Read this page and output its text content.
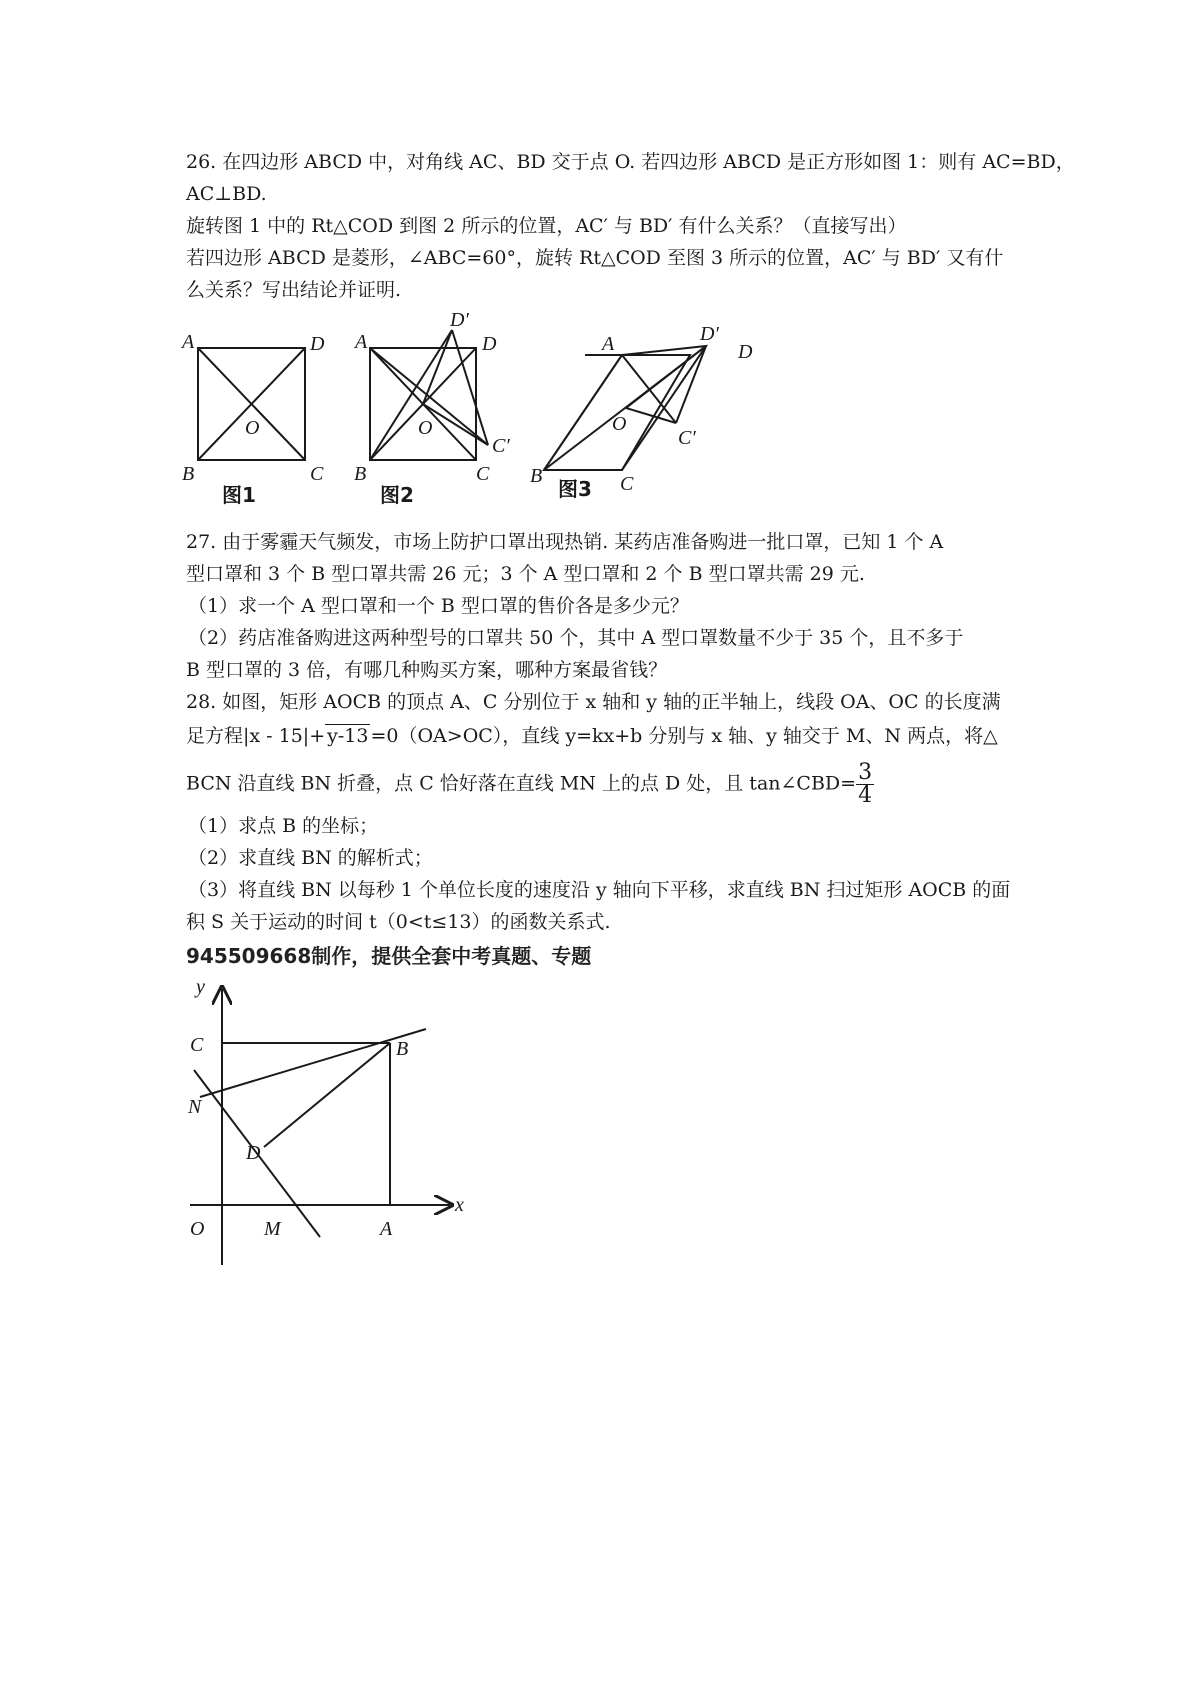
26. 在四边形 ABCD 中，对角线 AC、BD 交于点 O. 若四边形 ABCD 是正方形如图 1：则有 AC=BD，
AC⊥BD.
旋转图 1 中的 Rt△COD 到图 2 所示的位置，AC′ 与 BD′ 有什么关系？（直接写出）
若四边形 ABCD 是菱形，∠ABC=60°，旋转 Rt△COD 至图 3 所示的位置，AC′ 与 BD′ 又有什
么关系？写出结论并证明.
A	D
B	C
O
图1
A
D′
D
O
C′
B	C
图2
A	D′
D
O
C′
B	C
图3
27. 由于雾霾天气频发，市场上防护口罩出现热销. 某药店准备购进一批口罩，已知 1 个 A
型口罩和 3 个 B 型口罩共需 26 元；3 个 A 型口罩和 2 个 B 型口罩共需 29 元.
（1）求一个 A 型口罩和一个 B 型口罩的售价各是多少元？
（2）药店准备购进这两种型号的口罩共 50 个，其中 A 型口罩数量不少于 35 个，且不多于
B 型口罩的 3 倍，有哪几种购买方案，哪种方案最省钱？
28. 如图，矩形 AOCB 的顶点 A、C 分别位于 x 轴和 y 轴的正半轴上，线段 OA、OC 的长度满
足方程|x - 15|+ y-13 =0（OA>OC），直线 y=kx+b 分别与 x 轴、y 轴交于 M、N 两点，将△
BCN 沿直线 BN 折叠，点 C 恰好落在直线 MN 上的点 D 处，且 tan∠CBD= $\frac{3}{4}$
（1）求点 B 的坐标；
（2）求直线 BN 的解析式；
（3）将直线 BN 以每秒 1 个单位长度的速度沿 y 轴向下平移，求直线 BN 扫过矩形 AOCB 的面
积 S 关于运动的时间 t（0<t≤13）的函数关系式.
945509668制作，提供全套中考真题、专题
y
x
C	B
N
D
O	M	A
